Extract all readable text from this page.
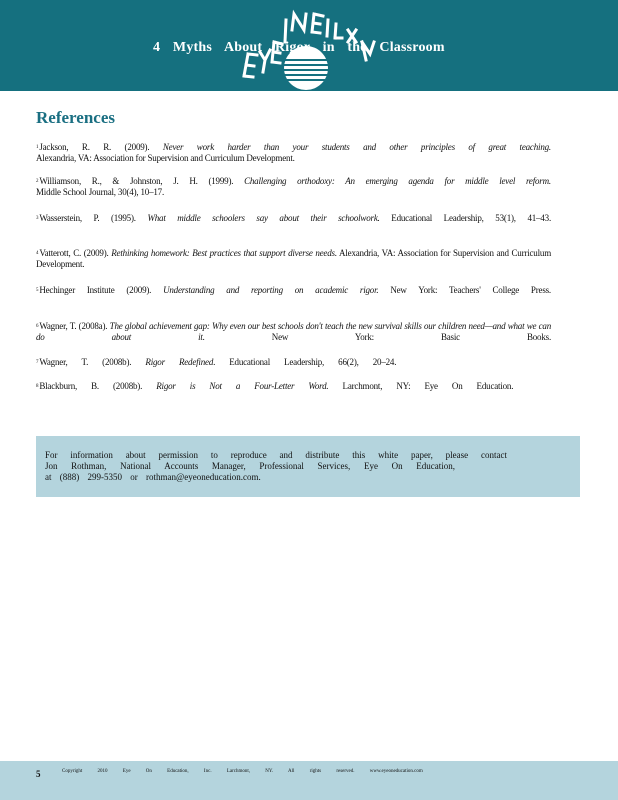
4 Myths About Rigor in the Classroom
References
$^1$Jackson, R. R. (2009). Never work harder than your students and other principles of great teaching.
Alexandria, VA: Association for Supervision and Curriculum Development.
$^2$Williamson, R., & Johnston, J. H. (1999). Challenging orthodoxy: An emerging agenda for middle level reform.
Middle School Journal, 30(4), 10–17.
$^3$Wasserstein, P. (1995). What middle schoolers say about their schoolwork. Educational Leadership, 53(1), 41–43.
$^4$Vatterott, C. (2009). Rethinking homework: Best practices that support diverse needs. Alexandria, VA: Association for Supervision and Curriculum Development.
$^5$Hechinger Institute (2009). Understanding and reporting on academic rigor. New York: Teachers' College Press.
$^6$Wagner, T. (2008a). The global achievement gap: Why even our best schools don't teach the new survival skills our children need—and what we can do about it.	New York: Basic Books.
$^7$Wagner, T. (2008b). Rigor Redefined. Educational Leadership, 66(2), 20–24.
$^8$Blackburn, B. (2008b). Rigor is Not a Four-Letter Word. Larchmont, NY: Eye On Education.

For information about permission to reproduce and distribute this white paper, please contact

Jon Rothman, National Accounts Manager, Professional Services, Eye On Education,

at (888) 299-5350 or rothman@eyeoneducation.com.

5	Copyright 2010 Eye On Education, Inc. Larchmont, NY. All rights reserved. www.eyeoneducation.com
